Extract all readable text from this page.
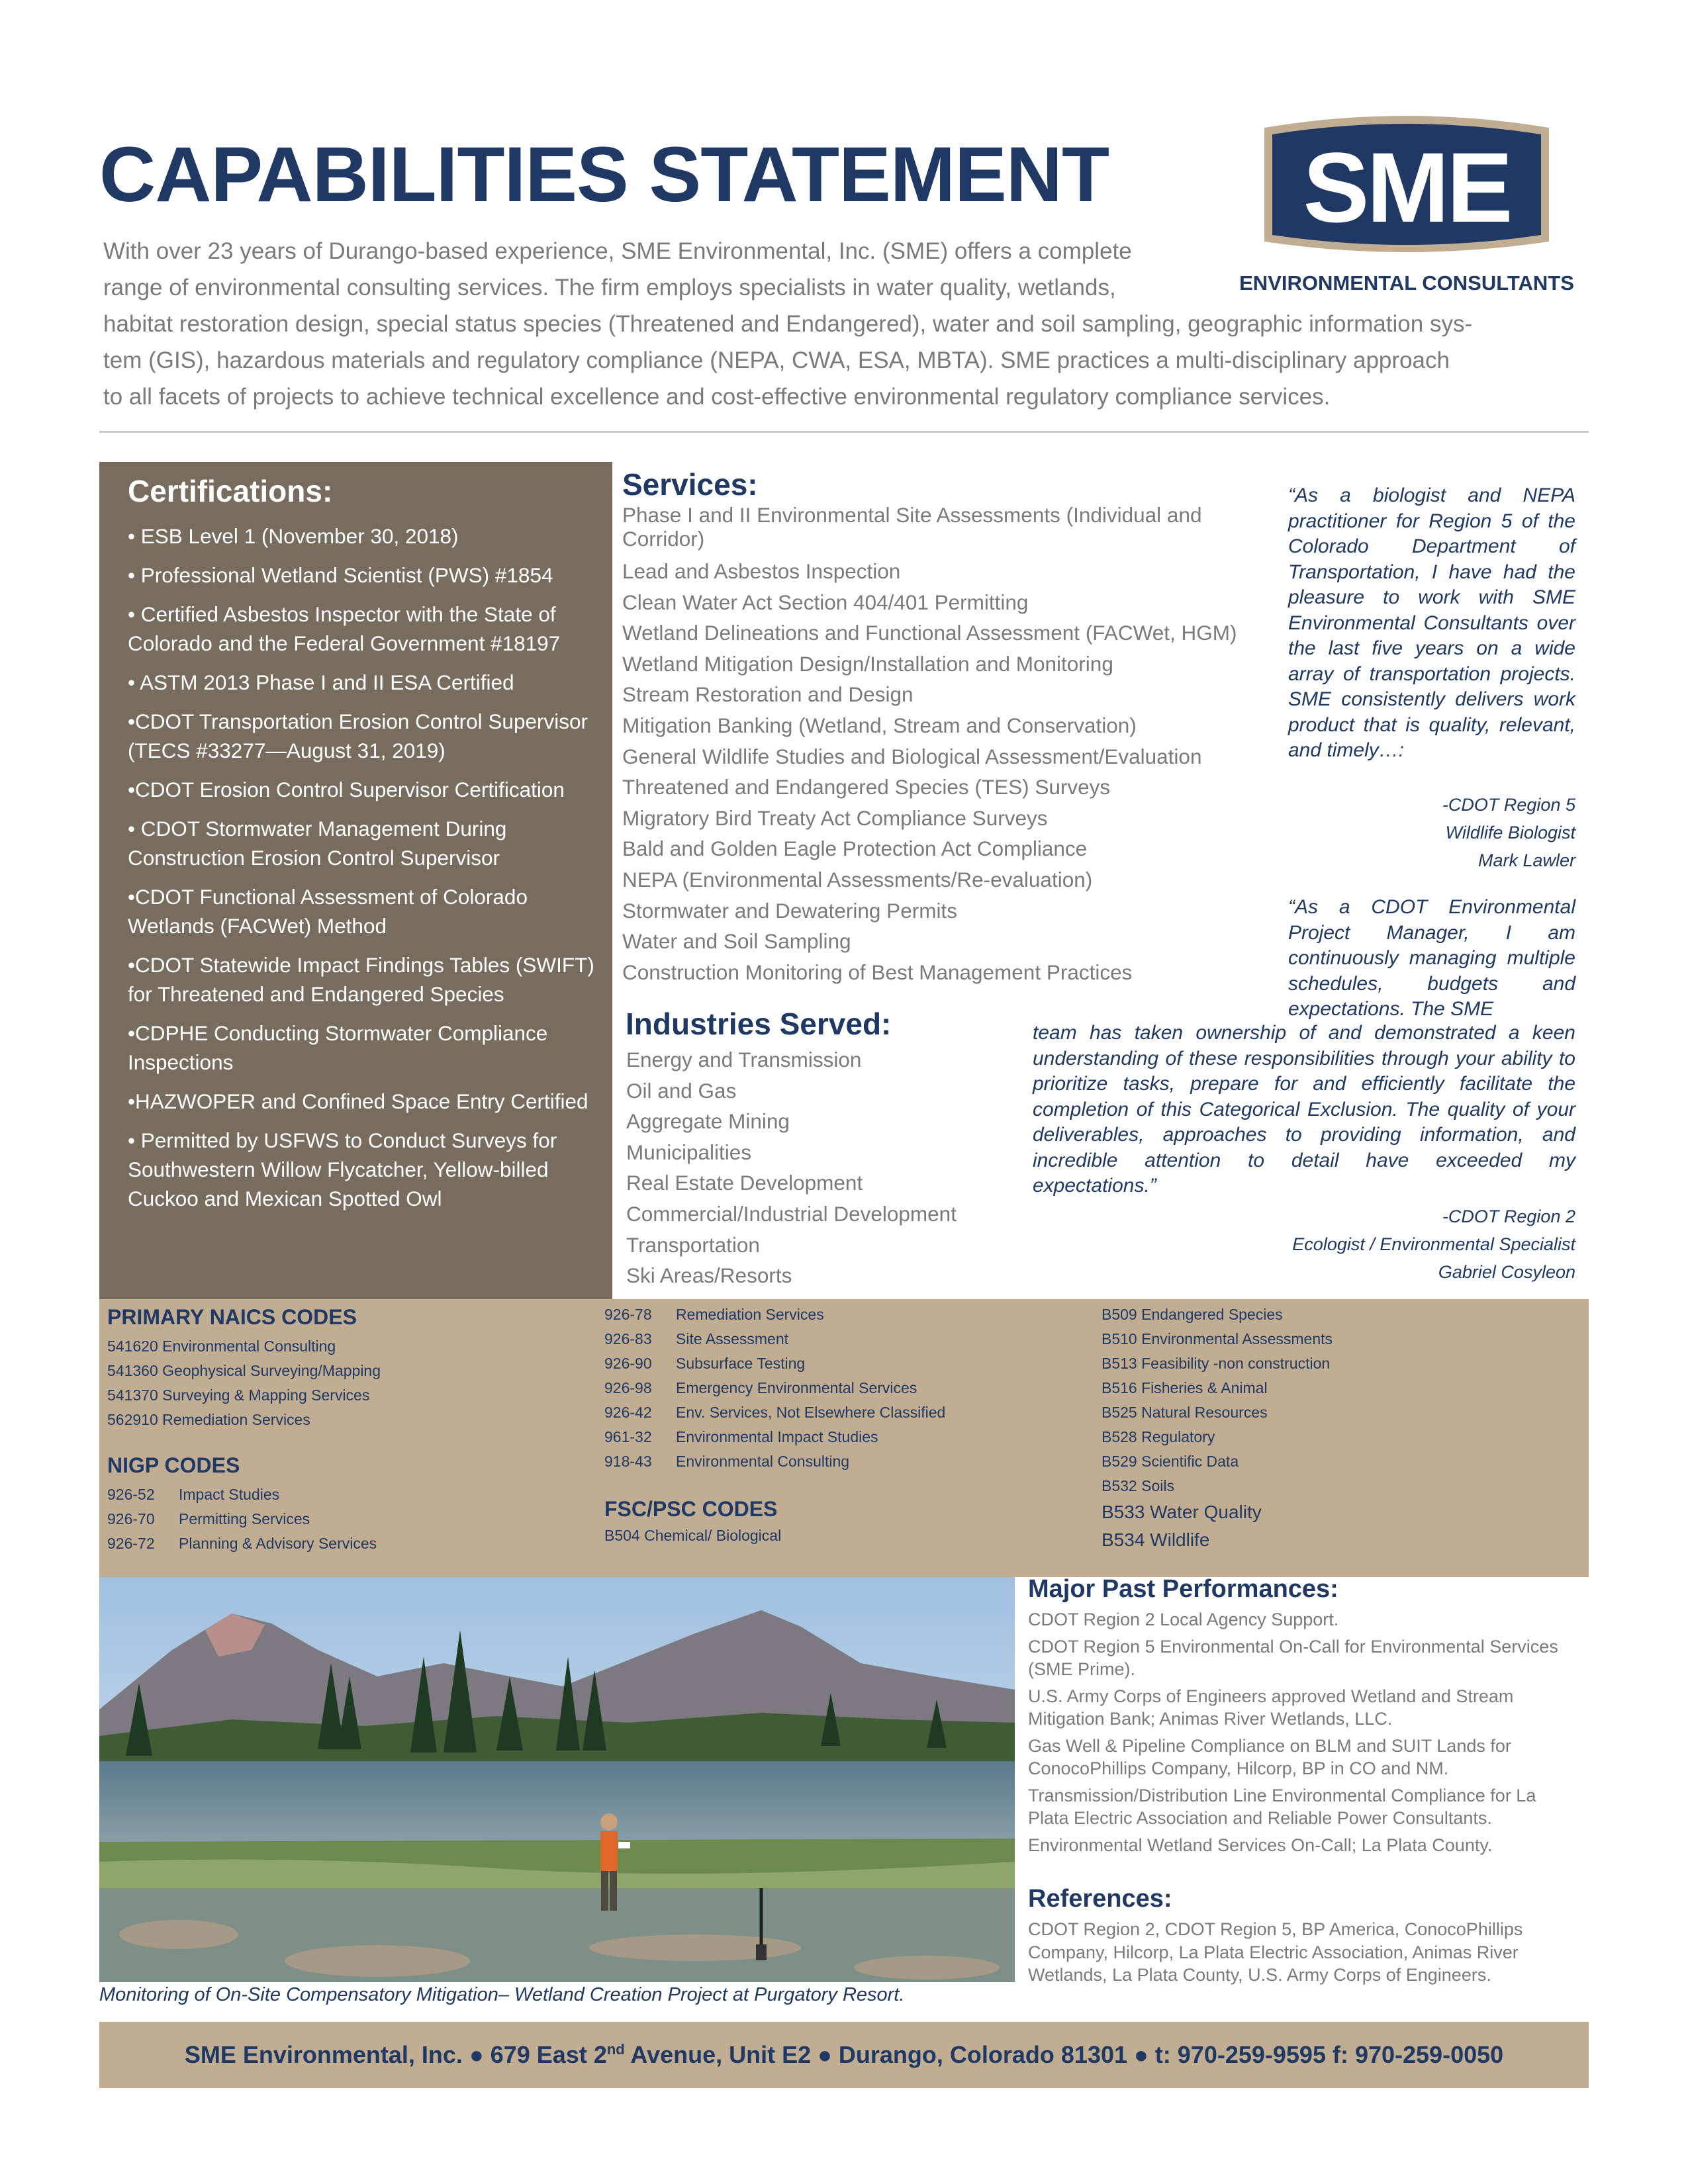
CAPABILITIES STATEMENT SME
ENVIRONMENTAL CONSULTANTS
With over 23 years of Durango-based experience, SME Environmental, Inc. (SME) offers a complete
range of environmental consulting services. The firm employs specialists in water quality, wetlands,
habitat restoration design, special status species (Threatened and Endangered), water and soil sampling, geographic information sys-
tem (GIS), hazardous materials and regulatory compliance (NEPA, CWA, ESA, MBTA). SME practices a multi-disciplinary approach
to all facets of projects to achieve technical excellence and cost-effective environmental regulatory compliance services.
Certifications:
• ESB Level 1 (November 30, 2018)
• Professional Wetland Scientist (PWS) #1854
• Certified Asbestos Inspector with the State of Colorado and the Federal Government #18197
• ASTM 2013 Phase I and II ESA Certified
•CDOT Transportation Erosion Control Supervisor (TECS #33277—August 31, 2019)
•CDOT Erosion Control Supervisor Certification
• CDOT Stormwater Management During Construction Erosion Control Supervisor
•CDOT Functional Assessment of Colorado Wetlands (FACWet) Method
•CDOT Statewide Impact Findings Tables (SWIFT) for Threatened and Endangered Species
•CDPHE Conducting Stormwater Compliance Inspections
•HAZWOPER and Confined Space Entry Certified
• Permitted by USFWS to Conduct Surveys for Southwestern Willow Flycatcher, Yellow-billed Cuckoo and Mexican Spotted Owl
Services:
Phase I and II Environmental Site Assessments (Individual and Corridor)
Lead and Asbestos Inspection
Clean Water Act Section 404/401 Permitting
Wetland Delineations and Functional Assessment (FACWet, HGM)
Wetland Mitigation Design/Installation and Monitoring
Stream Restoration and Design
Mitigation Banking (Wetland, Stream and Conservation)
General Wildlife Studies and Biological Assessment/Evaluation
Threatened and Endangered Species (TES) Surveys
Migratory Bird Treaty Act Compliance Surveys
Bald and Golden Eagle Protection Act Compliance
NEPA (Environmental Assessments/Re-evaluation)
Stormwater and Dewatering Permits
Water and Soil Sampling
Construction Monitoring of Best Management Practices
Industries Served:
Energy and Transmission
Oil and Gas
Aggregate Mining
Municipalities
Real Estate Development
Commercial/Industrial Development
Transportation
Ski Areas/Resorts
“As a biologist and NEPA practitioner for Region 5 of the Colorado Department of Transportation, I have had the pleasure to work with SME Environmental Consultants over the last five years on a wide array of transportation projects. SME consistently delivers work product that is quality, relevant, and timely…:
-CDOT Region 5
Wildlife Biologist
Mark Lawler
“As a CDOT Environmental Project Manager, I am continuously managing multiple schedules, budgets and expectations. The SME
team has taken ownership of and demonstrated a keen understanding of these responsibilities through your ability to prioritize tasks, prepare for and efficiently facilitate the completion of this Categorical Exclusion. The quality of your deliverables, approaches to providing information, and incredible attention to detail have exceeded my expectations.”
-CDOT Region 2
Ecologist / Environmental Specialist
Gabriel Cosyleon
PRIMARY NAICS CODES
541620 Environmental Consulting
541360 Geophysical Surveying/Mapping
541370 Surveying & Mapping Services
562910 Remediation Services
NIGP CODES
926-52 Impact Studies
926-70 Permitting Services
926-72 Planning & Advisory Services
926-78 Remediation Services
926-83 Site Assessment
926-90 Subsurface Testing
926-98 Emergency Environmental Services
926-42 Env. Services, Not Elsewhere Classified
961-32 Environmental Impact Studies
918-43 Environmental Consulting
FSC/PSC CODES
B504 Chemical/ Biological
B509 Endangered Species
B510 Environmental Assessments
B513 Feasibility -non construction
B516 Fisheries & Animal
B525 Natural Resources
B528 Regulatory
B529 Scientific Data
B532 Soils
B533 Water Quality
B534 Wildlife
Monitoring of On-Site Compensatory Mitigation– Wetland Creation Project at Purgatory Resort.
Major Past Performances:
CDOT Region 2 Local Agency Support.
CDOT Region 5 Environmental On-Call for Environmental Services (SME Prime).
U.S. Army Corps of Engineers approved Wetland and Stream Mitigation Bank; Animas River Wetlands, LLC.
Gas Well & Pipeline Compliance on BLM and SUIT Lands for ConocoPhillips Company, Hilcorp, BP in CO and NM.
Transmission/Distribution Line Environmental Compliance for La Plata Electric Association and Reliable Power Consultants.
Environmental Wetland Services On-Call; La Plata County.
References:
CDOT Region 2, CDOT Region 5, BP America, ConocoPhillips Company, Hilcorp, La Plata Electric Association, Animas River Wetlands, La Plata County, U.S. Army Corps of Engineers.
SME Environmental, Inc. ● 679 East 2nd Avenue, Unit E2 ● Durango, Colorado 81301 ● t: 970-259-9595 f: 970-259-0050
